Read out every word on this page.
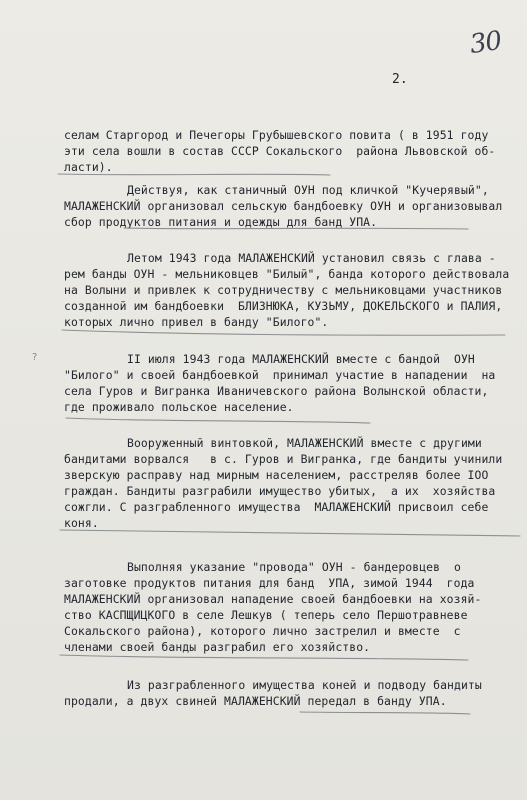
30
2.
?
селам Старгород и Печегоры Грубышевского повита ( в 1951 году
эти села вошли в состав СССР Сокальского  района Львовской об-
ласти).
Действуя, как станичный ОУН под кличкой "Кучерявый",
МАЛАЖЕНСКИЙ организовал сельскую бандбоевку ОУН и организовывал
сбор продуктов питания и одежды для банд УПА.
Летом 1943 года МАЛАЖЕНСКИЙ установил связь с глава -
рем банды ОУН - мельниковцев "Билый", банда которого действовала
на Волыни и привлек к сотрудничеству с мельниковцами участников
созданной им бандбоевки  БЛИЗНЮКА, КУЗЬМУ, ДОКЕЛЬСКОГО и ПАЛИЯ,
которых лично привел в банду "Билого".
II июля 1943 года МАЛАЖЕНСКИЙ вместе с бандой  ОУН
"Билого" и своей бандбоевкой  принимал участие в нападении  на
села Гуров и Вигранка Иваничевского района Волынской области,
где проживало польское население.
Вооруженный винтовкой, МАЛАЖЕНСКИЙ вместе с другими
бандитами ворвался   в с. Гуров и Вигранка, где бандиты учинили
зверскую расправу над мирным населением, расстреляв более IOO
граждан. Бандиты разграбили имущество убитых,  а их  хозяйства
сожгли. С разграбленного имущества  МАЛАЖЕНСКИЙ присвоил себе
коня.
Выполняя указание "провода" ОУН - бандеровцев  о
заготовке продуктов питания для банд  УПА, зимой 1944  года
МАЛАЖЕНСКИЙ организовал нападение своей бандбоевки на хозяй-
ство КАСПЩИЦКОГО в селе Лешкув ( теперь село Першотравневе
Сокальского района), которого лично застрелил и вместе  с
членами своей банды разграбил его хозяйство.
Из разграбленного имущества коней и подводу бандиты
продали, а двух свиней МАЛАЖЕНСКИЙ передал в банду УПА.
